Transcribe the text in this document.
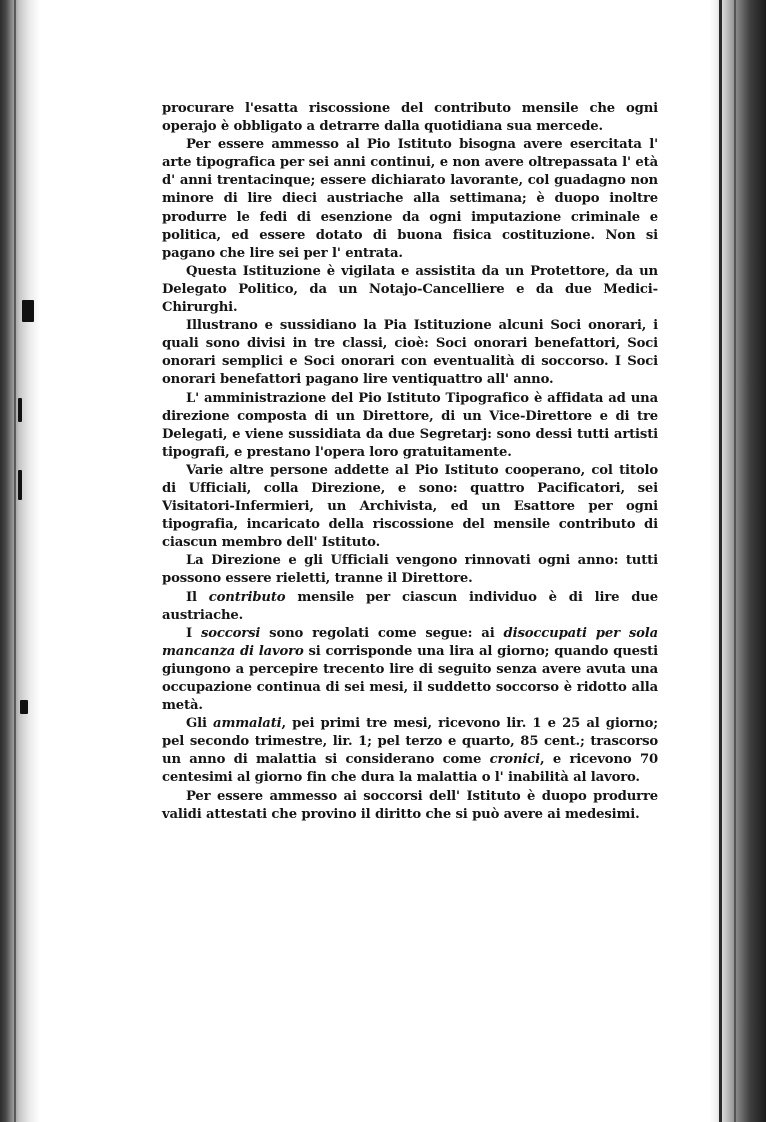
procurare l'esatta riscossione del contributo mensile che ogni operajo è obbligato a detrarre dalla quotidiana sua mercede.

Per essere ammesso al Pio Istituto bisogna avere esercitata l' arte tipografica per sei anni continui, e non avere oltrepassata l' età d' anni trentacinque; essere dichiarato lavorante, col guadagno non minore di lire dieci austriache alla settimana; è duopo inoltre produrre le fedi di esenzione da ogni imputazione criminale e politica, ed essere dotato di buona fisica costituzione. Non si pagano che lire sei per l' entrata.

Questa Istituzione è vigilata e assistita da un Protettore, da un Delegato Politico, da un Notajo-Cancelliere e da due Medici-Chirurghi.

Illustrano e sussidiano la Pia Istituzione alcuni Soci onorari, i quali sono divisi in tre classi, cioè: Soci onorari benefattori, Soci onorari semplici e Soci onorari con eventualità di soccorso. I Soci onorari benefattori pagano lire ventiquattro all' anno.

L' amministrazione del Pio Istituto Tipografico è affidata ad una direzione composta di un Direttore, di un Vice-Direttore e di tre Delegati, e viene sussidiata da due Segretarj: sono dessi tutti artisti tipografi, e prestano l'opera loro gratuitamente.

Varie altre persone addette al Pio Istituto cooperano, col titolo di Ufficiali, colla Direzione, e sono: quattro Pacificatori, sei Visitatori-Infermieri, un Archivista, ed un Esattore per ogni tipografia, incaricato della riscossione del mensile contributo di ciascun membro dell' Istituto.

La Direzione e gli Ufficiali vengono rinnovati ogni anno: tutti possono essere rieletti, tranne il Direttore.

Il contributo mensile per ciascun individuo è di lire due austriache.

I soccorsi sono regolati come segue: ai disoccupati per sola mancanza di lavoro si corrisponde una lira al giorno; quando questi giungono a percepire trecento lire di seguito senza avere avuta una occupazione continua di sei mesi, il suddetto soccorso è ridotto alla metà.

Gli ammalati, pei primi tre mesi, ricevono lir. 1 e 25 al giorno; pel secondo trimestre, lir. 1; pel terzo e quarto, 85 cent.; trascorso un anno di malattia si considerano come cronici, e ricevono 70 centesimi al giorno fin che dura la malattia o l' inabilità al lavoro.

Per essere ammesso ai soccorsi dell' Istituto è duopo produrre validi attestati che provino il diritto che si può avere ai medesimi.
